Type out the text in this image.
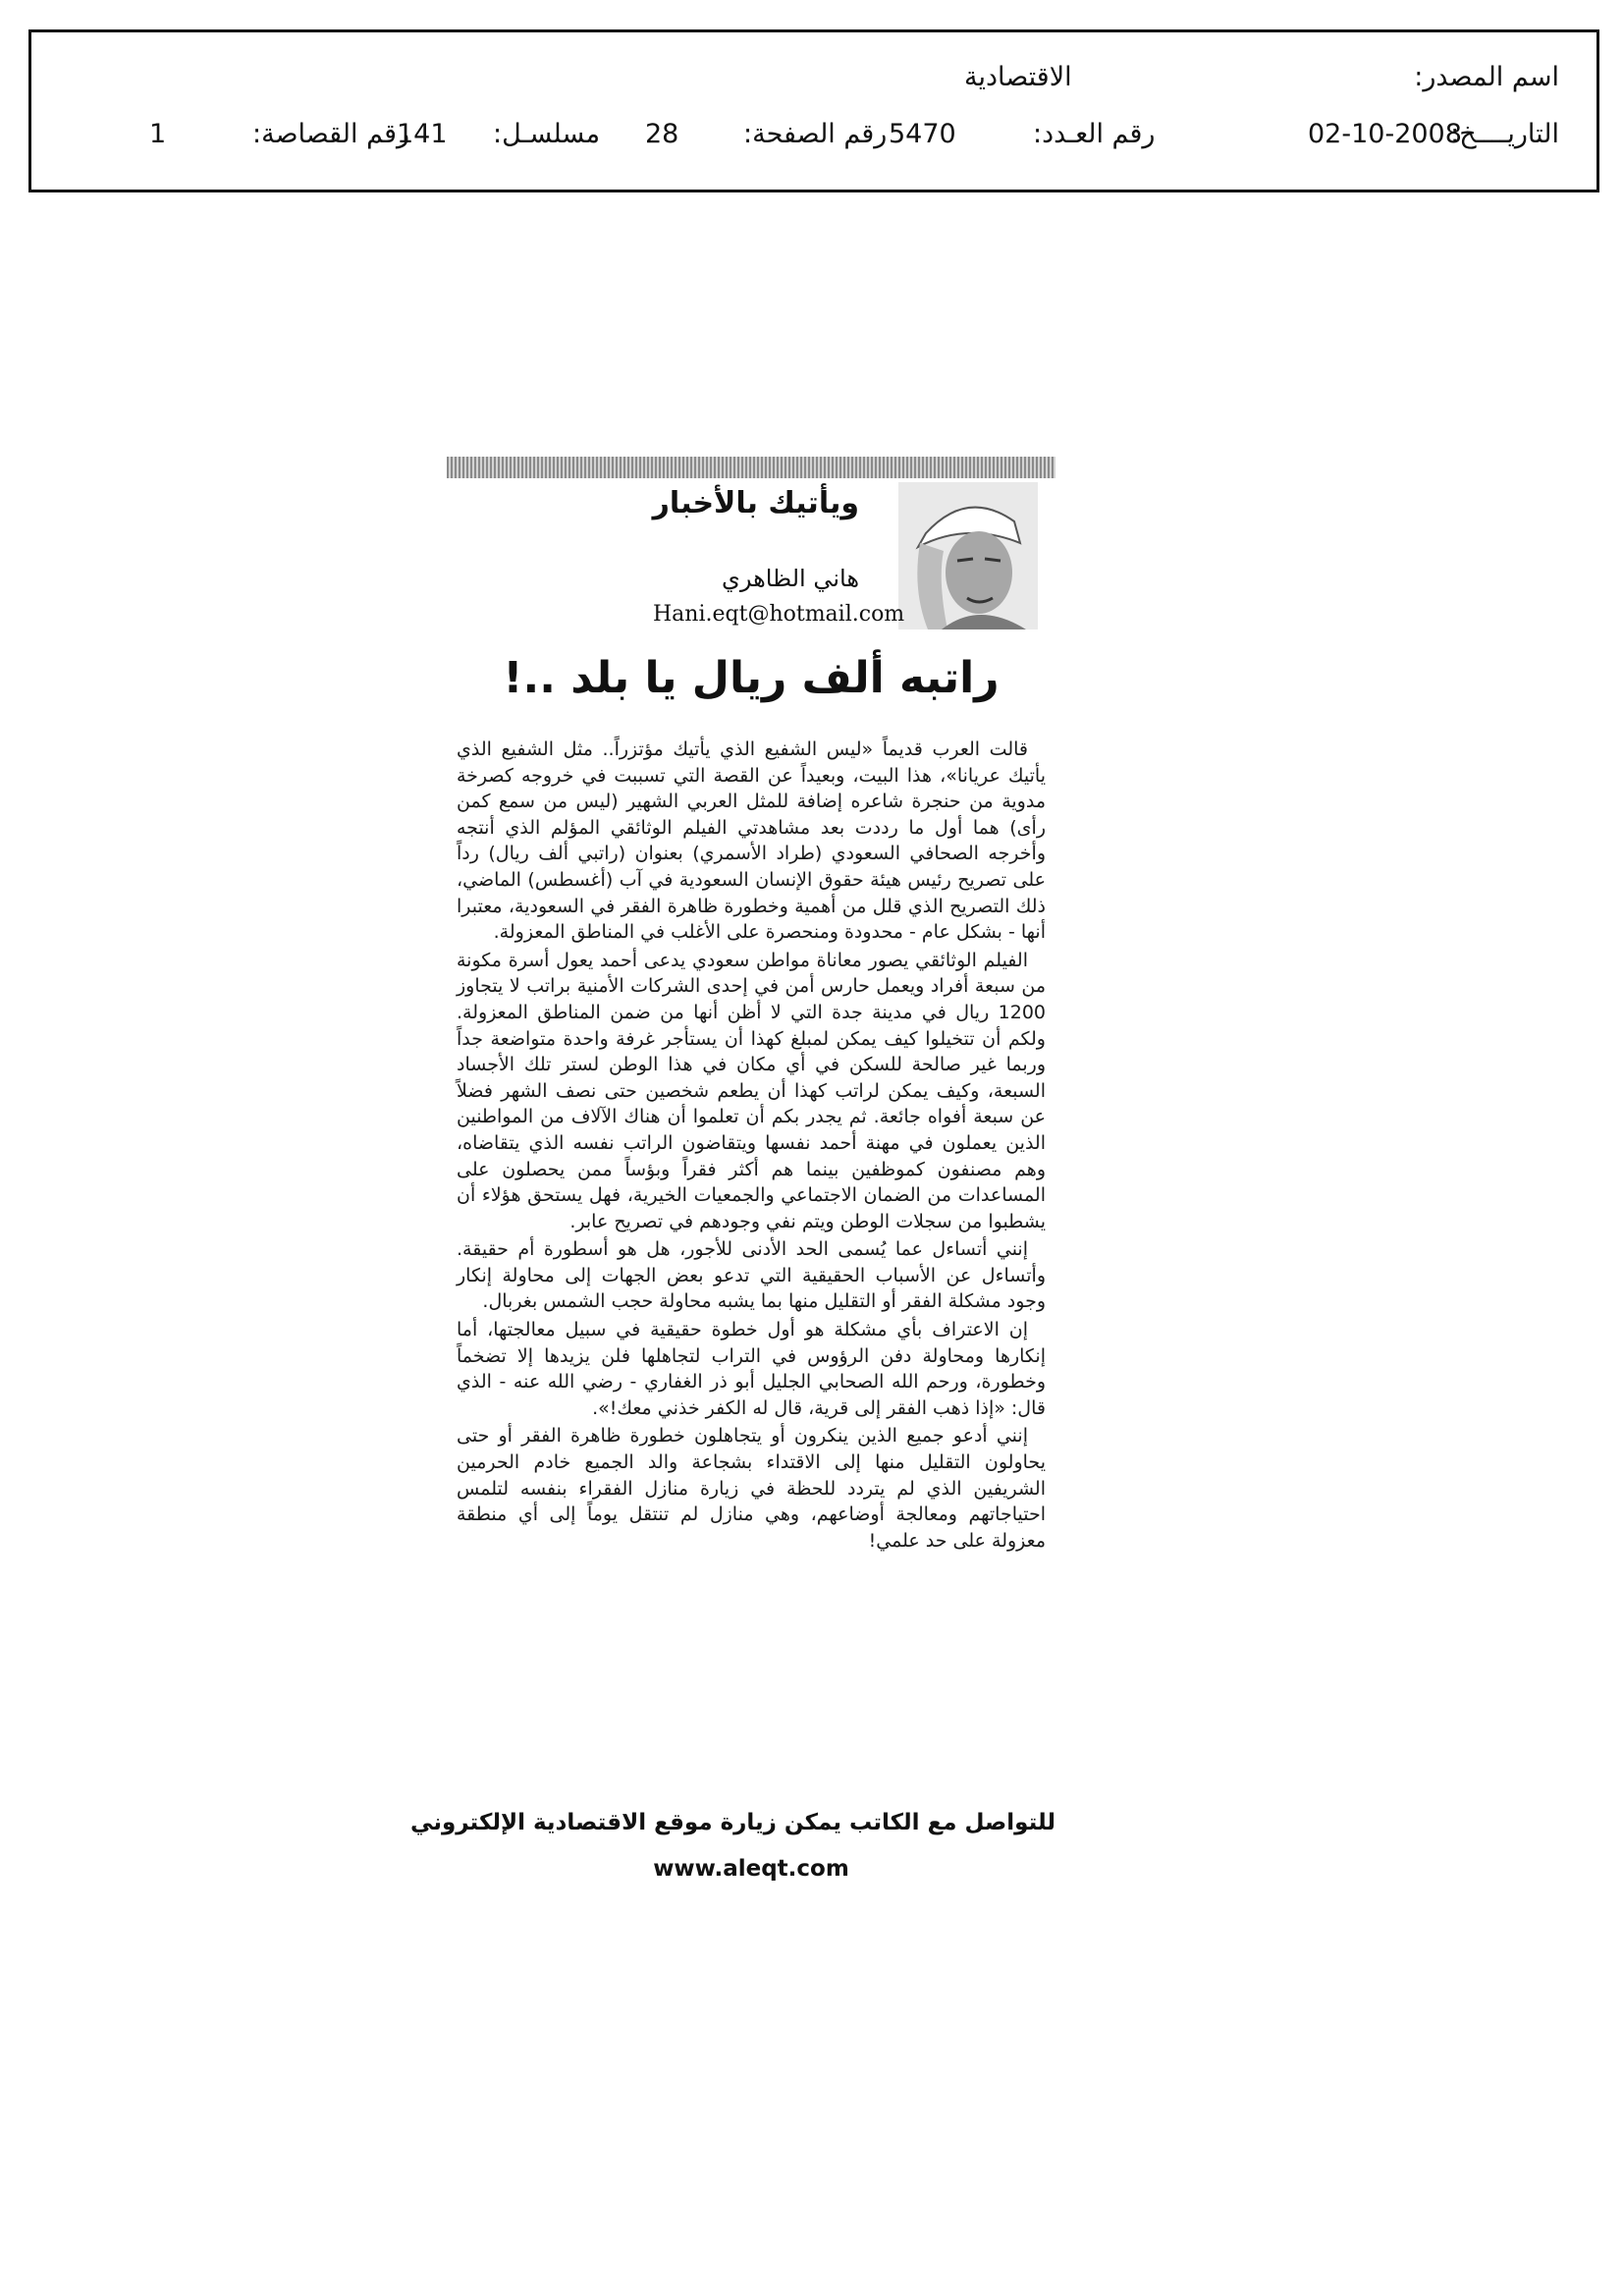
اسم المصدر:
الاقتصادية
التاريــــخ:
02-10-2008
رقم العـدد:
5470
رقم الصفحة:
28
مسلسـل:
141
رقم القصاصة:
1
ويأتيك بالأخبار
هاني الظاهري
Hani.eqt@hotmail.com
راتبه ألف ريال يا بلد ..!

قالت العرب قديماً «ليس الشفيع الذي يأتيك مؤتزراً.. مثل الشفيع الذي يأتيك عريانا»، هذا البيت، وبعيداً عن القصة التي تسببت في خروجه كصرخة مدوية من حنجرة شاعره إضافة للمثل العربي الشهير (ليس من سمع كمن رأى) هما أول ما رددت بعد مشاهدتي الفيلم الوثائقي المؤلم الذي أنتجه وأخرجه الصحافي السعودي (طراد الأسمري) بعنوان (راتبي ألف ريال) رداً على تصريح رئيس هيئة حقوق الإنسان السعودية في آب (أغسطس) الماضي، ذلك التصريح الذي قلل من أهمية وخطورة ظاهرة الفقر في السعودية، معتبرا أنها - بشكل عام - محدودة ومنحصرة على الأغلب في المناطق المعزولة.

الفيلم الوثائقي يصور معاناة مواطن سعودي يدعى أحمد يعول أسرة مكونة من سبعة أفراد ويعمل حارس أمن في إحدى الشركات الأمنية براتب لا يتجاوز 1200 ريال في مدينة جدة التي لا أظن أنها من ضمن المناطق المعزولة. ولكم أن تتخيلوا كيف يمكن لمبلغ كهذا أن يستأجر غرفة واحدة متواضعة جداً وربما غير صالحة للسكن في أي مكان في هذا الوطن لستر تلك الأجساد السبعة، وكيف يمكن لراتب كهذا أن يطعم شخصين حتى نصف الشهر فضلاً عن سبعة أفواه جائعة. ثم يجدر بكم أن تعلموا أن هناك الآلاف من المواطنين الذين يعملون في مهنة أحمد نفسها ويتقاضون الراتب نفسه الذي يتقاضاه، وهم مصنفون كموظفين بينما هم أكثر فقراً وبؤساً ممن يحصلون على المساعدات من الضمان الاجتماعي والجمعيات الخيرية، فهل يستحق هؤلاء أن يشطبوا من سجلات الوطن ويتم نفي وجودهم في تصريح عابر.

إنني أتساءل عما يُسمى الحد الأدنى للأجور، هل هو أسطورة أم حقيقة. وأتساءل عن الأسباب الحقيقية التي تدعو بعض الجهات إلى محاولة إنكار وجود مشكلة الفقر أو التقليل منها بما يشبه محاولة حجب الشمس بغربال.

إن الاعتراف بأي مشكلة هو أول خطوة حقيقية في سبيل معالجتها، أما إنكارها ومحاولة دفن الرؤوس في التراب لتجاهلها فلن يزيدها إلا تضخماً وخطورة، ورحم الله الصحابي الجليل أبو ذر الغفاري - رضي الله عنه - الذي قال: «إذا ذهب الفقر إلى قرية، قال له الكفر خذني معك!».

إنني أدعو جميع الذين ينكرون أو يتجاهلون خطورة ظاهرة الفقر أو حتى يحاولون التقليل منها إلى الاقتداء بشجاعة والد الجميع خادم الحرمين الشريفين الذي لم يتردد للحظة في زيارة منازل الفقراء بنفسه لتلمس احتياجاتهم ومعالجة أوضاعهم، وهي منازل لم تنتقل يوماً إلى أي منطقة معزولة على حد علمي!

للتواصل مع الكاتب يمكن زيارة موقع الاقتصادية الإلكتروني
www.aleqt.com
